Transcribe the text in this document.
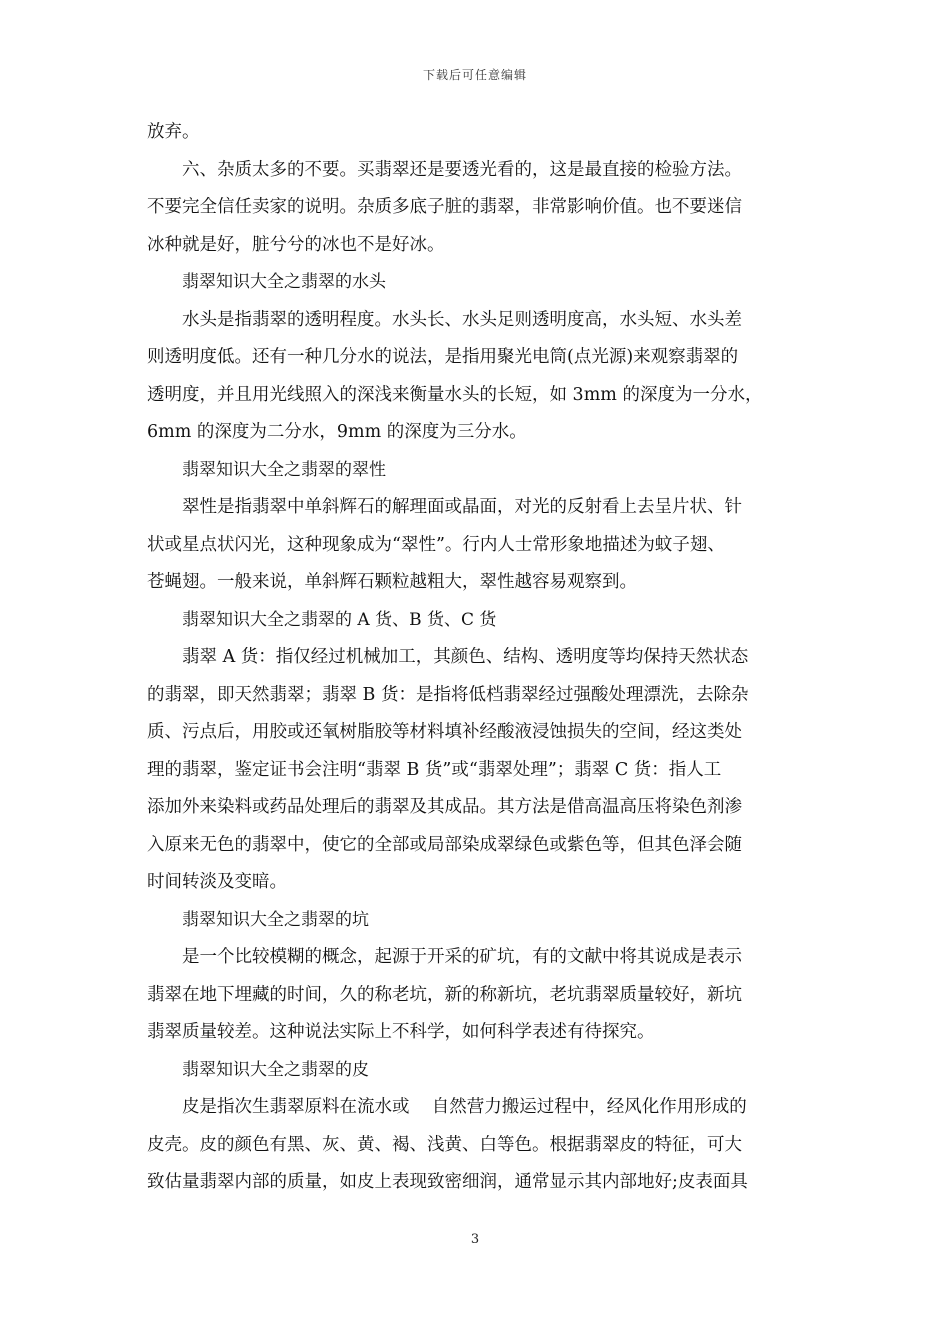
下载后可任意编辑
放弃。
六、杂质太多的不要。买翡翠还是要透光看的，这是最直接的检验方法。
不要完全信任卖家的说明。杂质多底子脏的翡翠，非常影响价值。也不要迷信
冰种就是好，脏兮兮的冰也不是好冰。
翡翠知识大全之翡翠的水头
水头是指翡翠的透明程度。水头长、水头足则透明度高，水头短、水头差
则透明度低。还有一种几分水的说法，是指用聚光电筒(点光源)来观察翡翠的
透明度，并且用光线照入的深浅来衡量水头的长短，如 3mm 的深度为一分水，
6mm 的深度为二分水，9mm 的深度为三分水。
翡翠知识大全之翡翠的翠性
翠性是指翡翠中单斜辉石的解理面或晶面，对光的反射看上去呈片状、针
状或星点状闪光，这种现象成为“翠性”。行内人士常形象地描述为蚊子翅、
苍蝇翅。一般来说，单斜辉石颗粒越粗大，翠性越容易观察到。
翡翠知识大全之翡翠的 A 货、B 货、C 货
翡翠 A 货：指仅经过机械加工，其颜色、结构、透明度等均保持天然状态
的翡翠，即天然翡翠；翡翠 B 货：是指将低档翡翠经过强酸处理漂洗，去除杂
质、污点后，用胶或还氧树脂胶等材料填补经酸液浸蚀损失的空间，经这类处
理的翡翠，鉴定证书会注明“翡翠 B 货”或“翡翠处理”；翡翠 C 货：指人工
添加外来染料或药品处理后的翡翠及其成品。其方法是借高温高压将染色剂渗
入原来无色的翡翠中，使它的全部或局部染成翠绿色或紫色等，但其色泽会随
时间转淡及变暗。
翡翠知识大全之翡翠的坑
是一个比较模糊的概念，起源于开采的矿坑，有的文献中将其说成是表示
翡翠在地下埋藏的时间，久的称老坑，新的称新坑，老坑翡翠质量较好，新坑
翡翠质量较差。这种说法实际上不科学，如何科学表述有待探究。
翡翠知识大全之翡翠的皮
皮是指次生翡翠原料在流水或    自然营力搬运过程中，经风化作用形成的
皮壳。皮的颜色有黑、灰、黄、褐、浅黄、白等色。根据翡翠皮的特征，可大
致估量翡翠内部的质量，如皮上表现致密细润，通常显示其内部地好;皮表面具
3
